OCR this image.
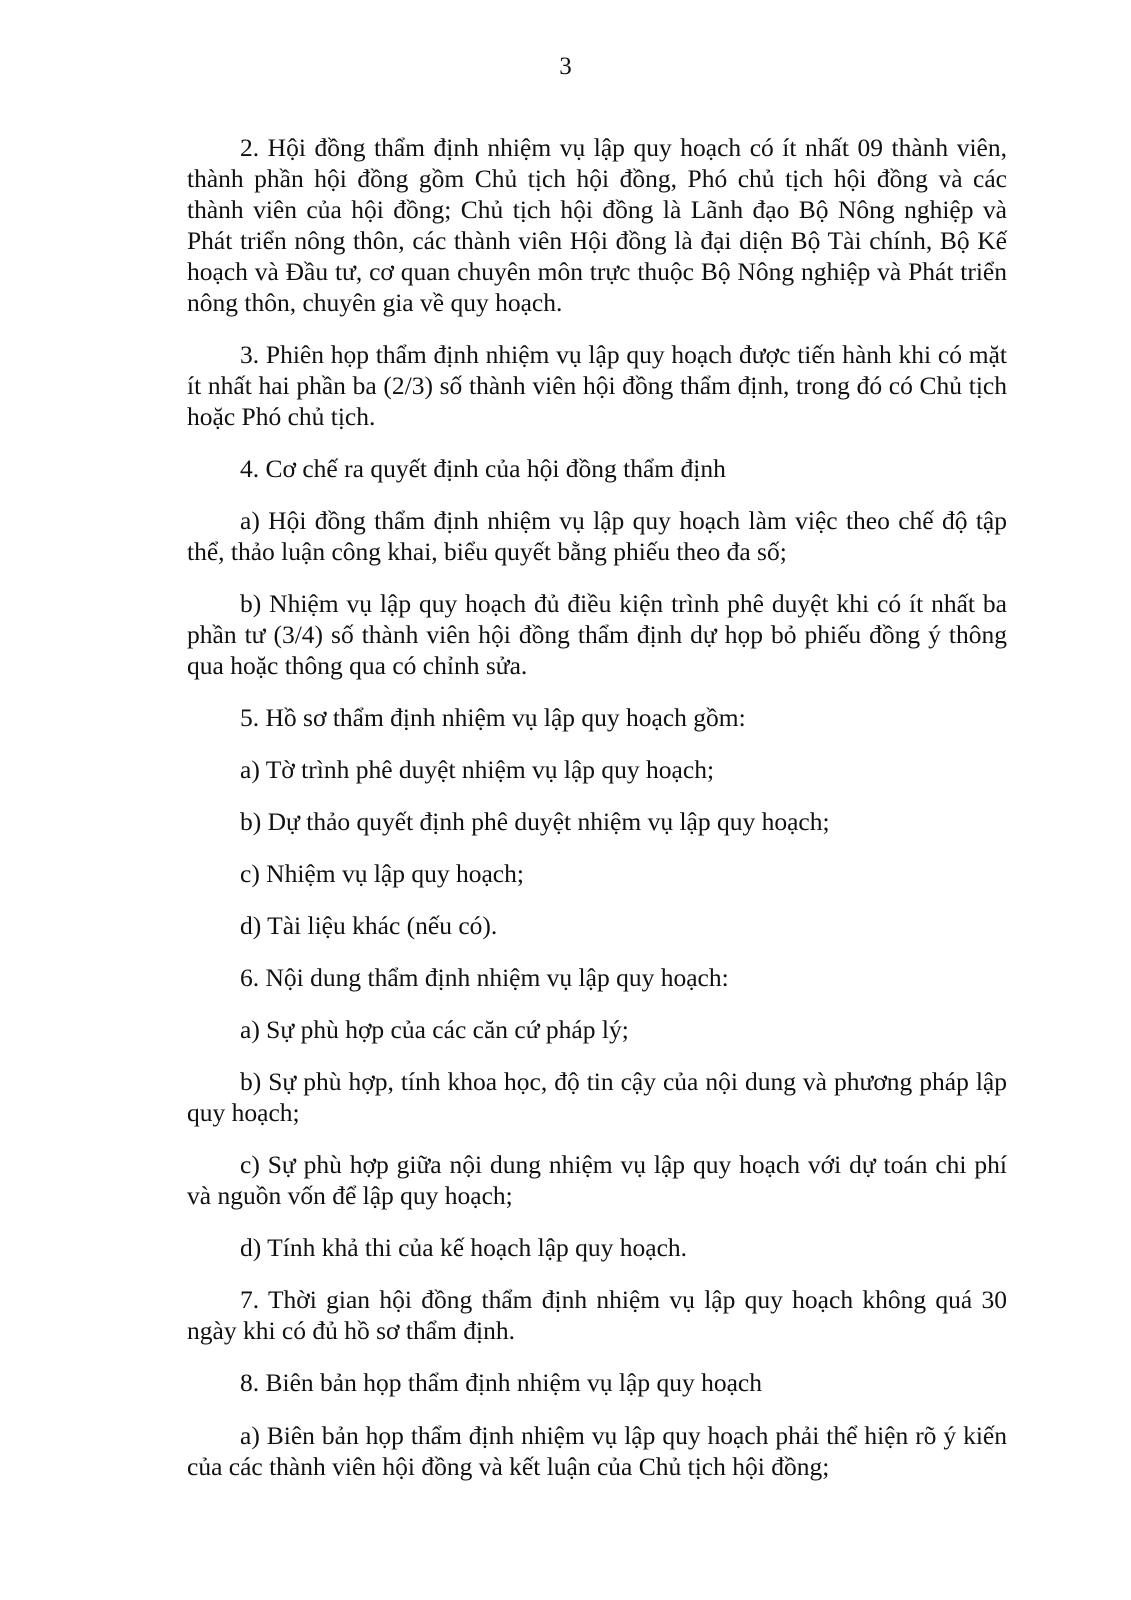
3

2. Hội đồng thẩm định nhiệm vụ lập quy hoạch có ít nhất 09 thành viên, thành phần hội đồng gồm Chủ tịch hội đồng, Phó chủ tịch hội đồng và các thành viên của hội đồng; Chủ tịch hội đồng là Lãnh đạo Bộ Nông nghiệp và Phát triển nông thôn, các thành viên Hội đồng là đại diện Bộ Tài chính, Bộ Kế hoạch và Đầu tư, cơ quan chuyên môn trực thuộc Bộ Nông nghiệp và Phát triển nông thôn, chuyên gia về quy hoạch.

3. Phiên họp thẩm định nhiệm vụ lập quy hoạch được tiến hành khi có mặt ít nhất hai phần ba (2/3) số thành viên hội đồng thẩm định, trong đó có Chủ tịch hoặc Phó chủ tịch.

4. Cơ chế ra quyết định của hội đồng thẩm định

a) Hội đồng thẩm định nhiệm vụ lập quy hoạch làm việc theo chế độ tập thể, thảo luận công khai, biểu quyết bằng phiếu theo đa số;

b) Nhiệm vụ lập quy hoạch đủ điều kiện trình phê duyệt khi có ít nhất ba phần tư (3/4) số thành viên hội đồng thẩm định dự họp bỏ phiếu đồng ý thông qua hoặc thông qua có chỉnh sửa.

5. Hồ sơ thẩm định nhiệm vụ lập quy hoạch gồm:

a) Tờ trình phê duyệt nhiệm vụ lập quy hoạch;

b) Dự thảo quyết định phê duyệt nhiệm vụ lập quy hoạch;

c) Nhiệm vụ lập quy hoạch;

d) Tài liệu khác (nếu có).

6. Nội dung thẩm định nhiệm vụ lập quy hoạch:

a) Sự phù hợp của các căn cứ pháp lý;

b) Sự phù hợp, tính khoa học, độ tin cậy của nội dung và phương pháp lập quy hoạch;

c) Sự phù hợp giữa nội dung nhiệm vụ lập quy hoạch với dự toán chi phí và nguồn vốn để lập quy hoạch;

d) Tính khả thi của kế hoạch lập quy hoạch.

7. Thời gian hội đồng thẩm định nhiệm vụ lập quy hoạch không quá 30 ngày khi có đủ hồ sơ thẩm định.

8. Biên bản họp thẩm định nhiệm vụ lập quy hoạch

a) Biên bản họp thẩm định nhiệm vụ lập quy hoạch phải thể hiện rõ ý kiến của các thành viên hội đồng và kết luận của Chủ tịch hội đồng;
